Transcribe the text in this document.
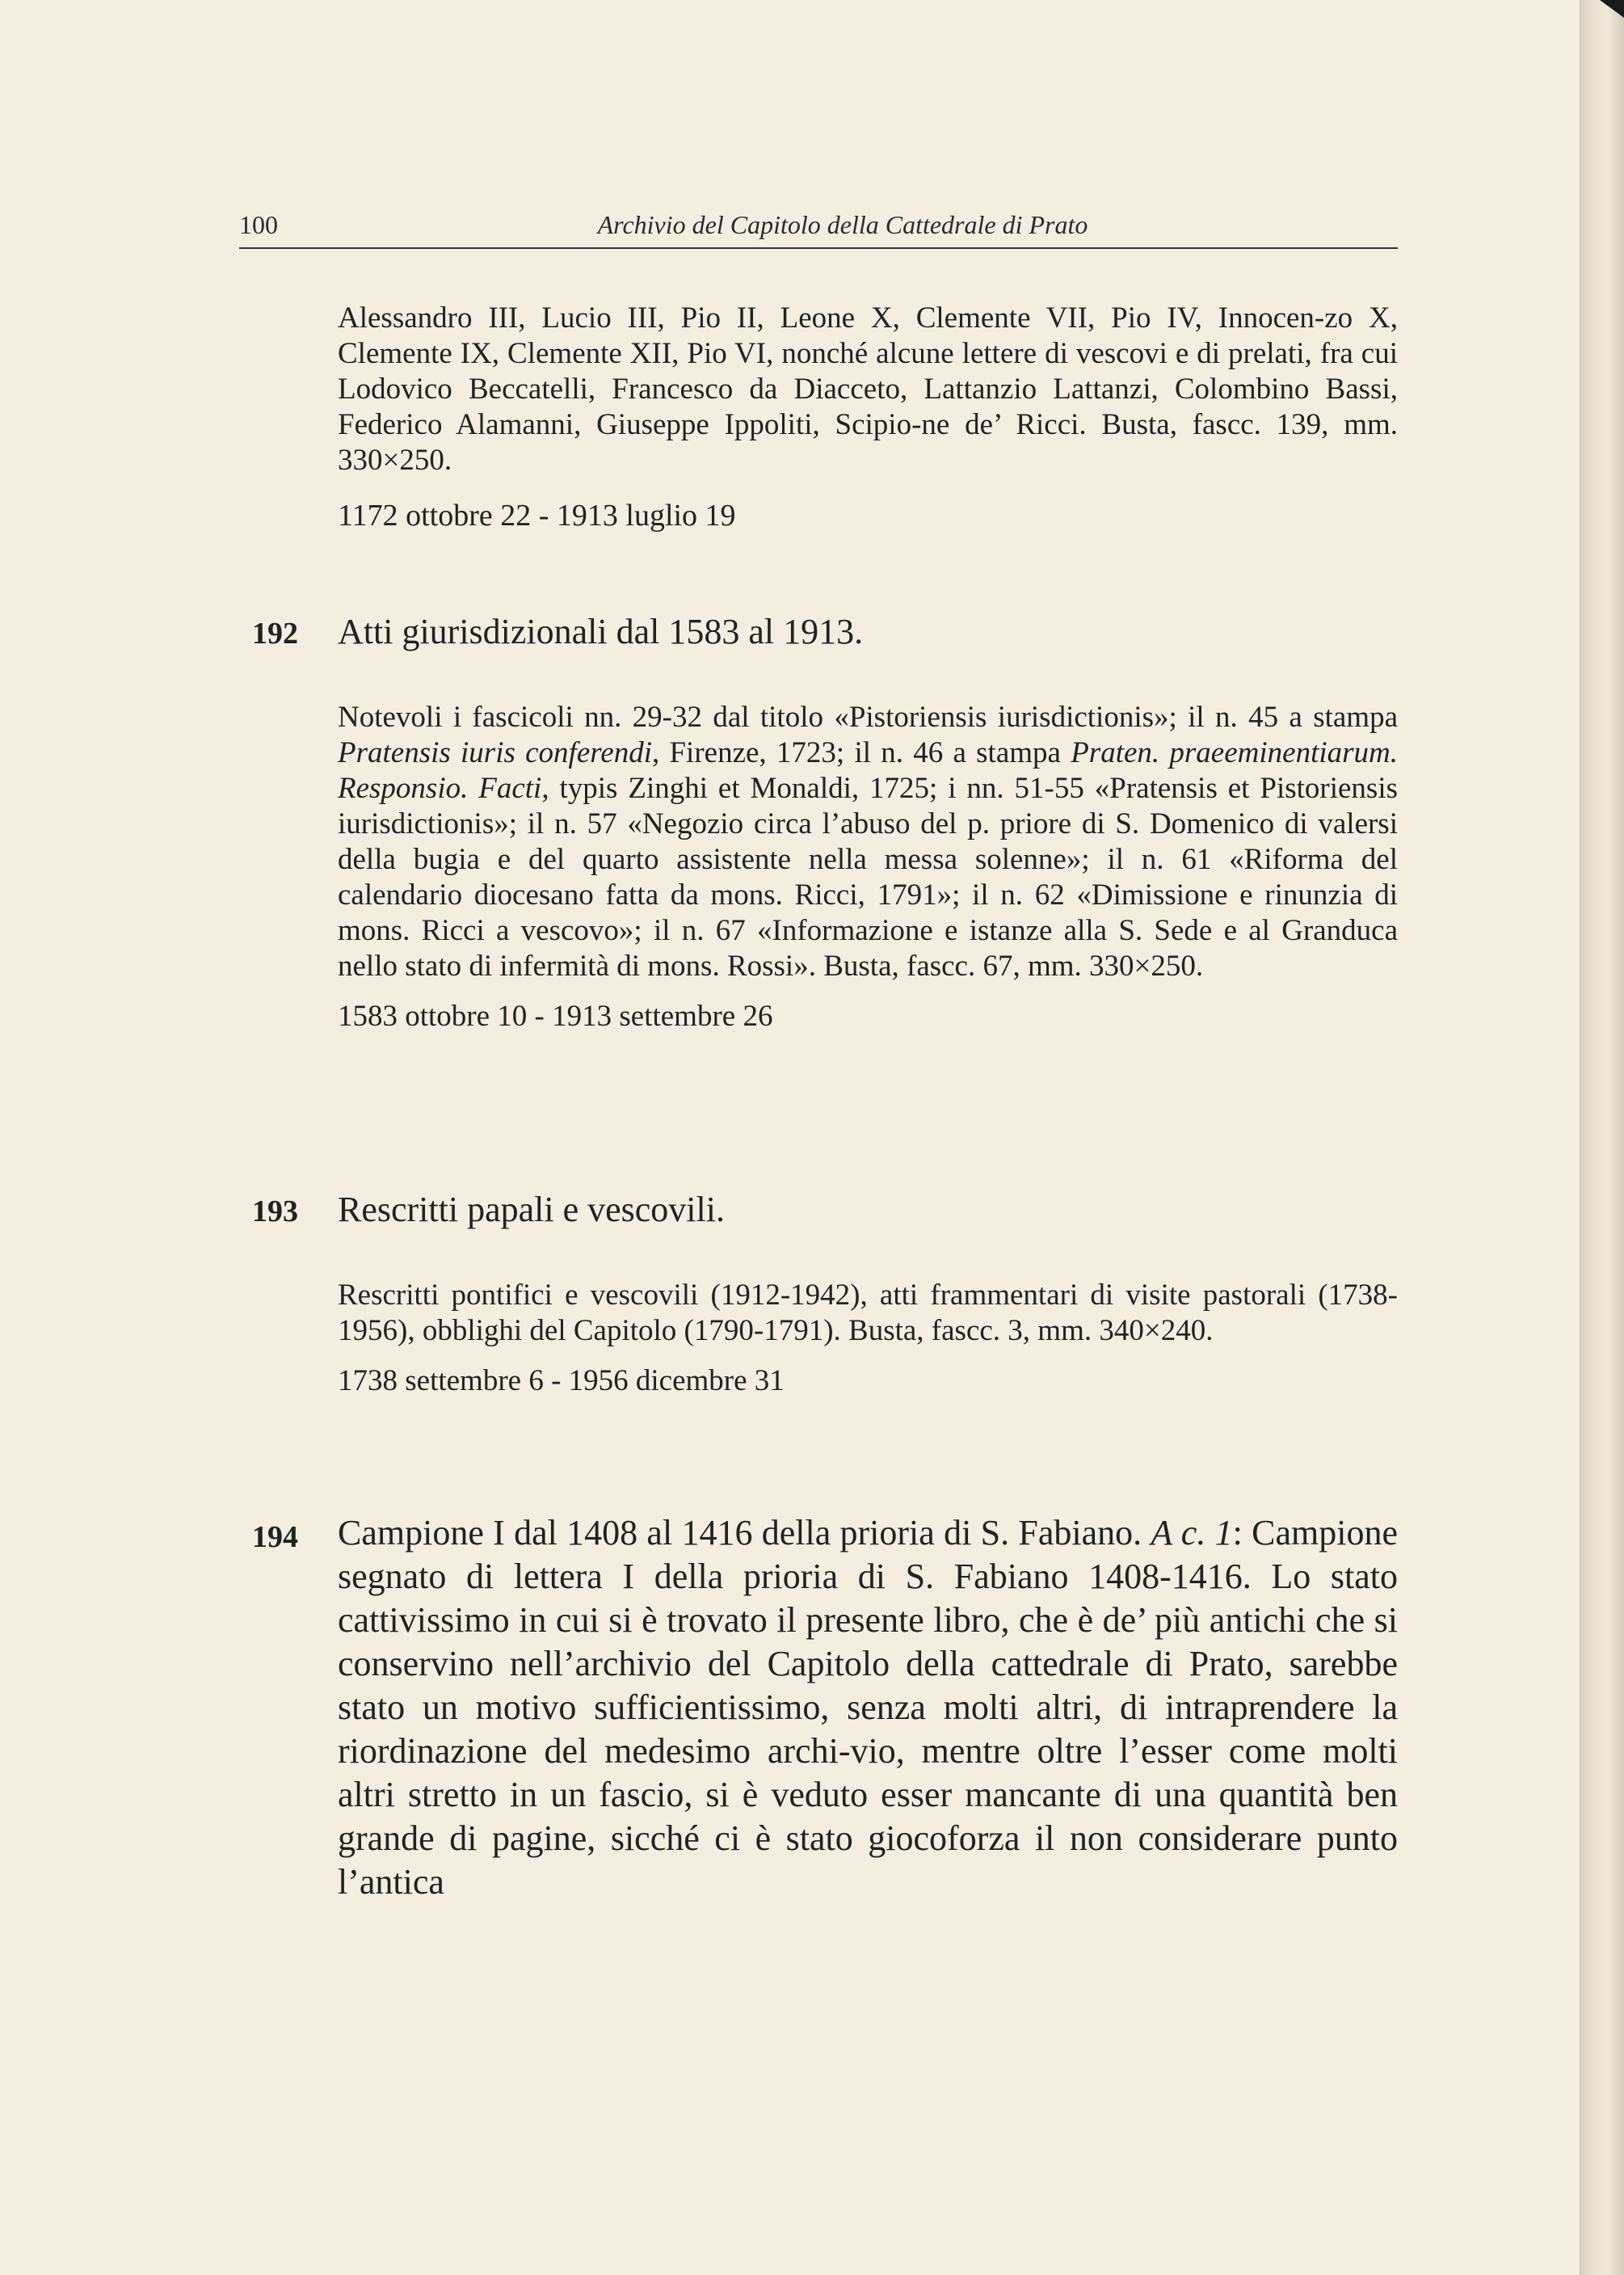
100	Archivio del Capitolo della Cattedrale di Prato

Alessandro III, Lucio III, Pio II, Leone X, Clemente VII, Pio IV, Innocen-zo X, Clemente IX, Clemente XII, Pio VI, nonché alcune lettere di vescovi e di prelati, fra cui Lodovico Beccatelli, Francesco da Diacceto, Lattanzio Lattanzi, Colombino Bassi, Federico Alamanni, Giuseppe Ippoliti, Scipio-ne de’ Ricci. Busta, fascc. 139, mm. 330×250.

1172 ottobre 22 - 1913 luglio 19

192 Atti giurisdizionali dal 1583 al 1913.

Notevoli i fascicoli nn. 29-32 dal titolo «Pistoriensis iurisdictionis»; il n. 45 a stampa Pratensis iuris conferendi, Firenze, 1723; il n. 46 a stampa Praten. praeeminentiarum. Responsio. Facti, typis Zinghi et Monaldi, 1725; i nn. 51-55 «Pratensis et Pistoriensis iurisdictionis»; il n. 57 «Negozio circa l’abuso del p. priore di S. Domenico di valersi della bugia e del quarto assistente nella messa solenne»; il n. 61 «Riforma del calendario diocesano fatta da mons. Ricci, 1791»; il n. 62 «Dimissione e rinunzia di mons. Ricci a vescovo»; il n. 67 «Informazione e istanze alla S. Sede e al Granduca nello stato di infermità di mons. Rossi». Busta, fascc. 67, mm. 330×250.

1583 ottobre 10 - 1913 settembre 26

193 Rescritti papali e vescovili.

Rescritti pontifici e vescovili (1912-1942), atti frammentari di visite pastorali (1738-1956), obblighi del Capitolo (1790-1791). Busta, fascc. 3, mm. 340×240.

1738 settembre 6 - 1956 dicembre 31

194 Campione I dal 1408 al 1416 della prioria di S. Fabiano. A c. 1: Campione segnato di lettera I della prioria di S. Fabiano 1408-1416. Lo stato cattivissimo in cui si è trovato il presente libro, che è de’ più antichi che si conservino nell’archivio del Capitolo della cattedrale di Prato, sarebbe stato un motivo sufficientissimo, senza molti altri, di intraprendere la riordinazione del medesimo archi-vio, mentre oltre l’esser come molti altri stretto in un fascio, si è veduto esser mancante di una quantità ben grande di pagine, sicché ci è stato giocoforza il non considerare punto l’antica
